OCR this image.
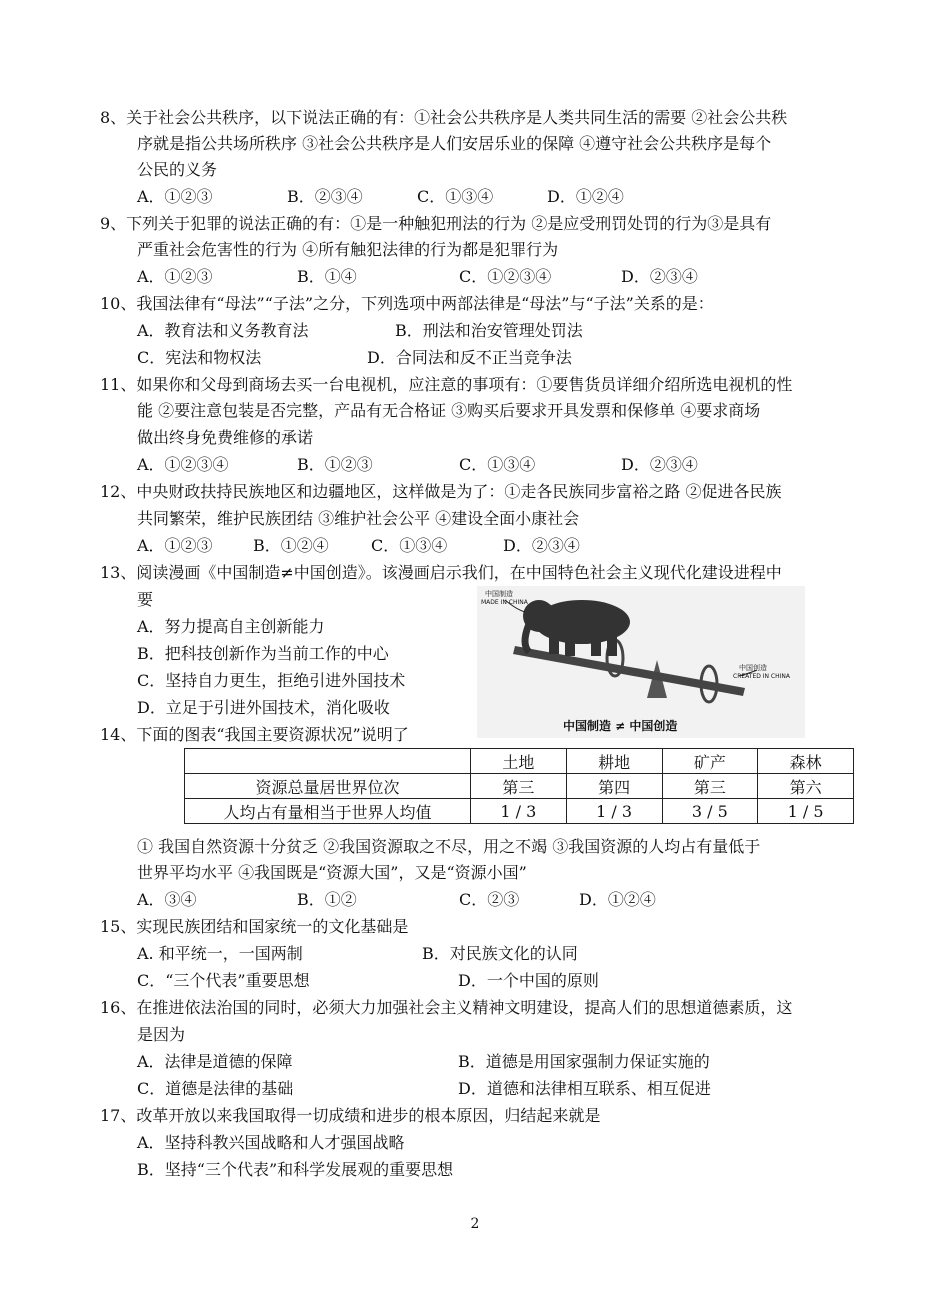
8、关于社会公共秩序，以下说法正确的有：①社会公共秩序是人类共同生活的需要 ②社会公共秩
序就是指公共场所秩序 ③社会公共秩序是人们安居乐业的保障 ④遵守社会公共秩序是每个
公民的义务
A．①②③	B．②③④	C．①③④	D．①②④
9、下列关于犯罪的说法正确的有：①是一种触犯刑法的行为 ②是应受刑罚处罚的行为③是具有
严重社会危害性的行为 ④所有触犯法律的行为都是犯罪行为
A．①②③	B．①④	C．①②③④	D．②③④
10、我国法律有“母法”“子法”之分，下列选项中两部法律是“母法”与“子法”关系的是：
A．教育法和义务教育法	B．刑法和治安管理处罚法
C．宪法和物权法	D．合同法和反不正当竞争法
11、如果你和父母到商场去买一台电视机，应注意的事项有：①要售货员详细介绍所选电视机的性
能 ②要注意包装是否完整，产品有无合格证 ③购买后要求开具发票和保修单 ④要求商场
做出终身免费维修的承诺
A．①②③④	B．①②③	C．①③④	D．②③④
12、中央财政扶持民族地区和边疆地区，这样做是为了：①走各民族同步富裕之路 ②促进各民族
共同繁荣，维护民族团结 ③维护社会公平 ④建设全面小康社会
A．①②③	B．①②④	C．①③④	D．②③④
13、阅读漫画《中国制造≠中国创造》。该漫画启示我们，在中国特色社会主义现代化建设进程中
要
A．努力提高自主创新能力
B．把科技创新作为当前工作的中心
C．坚持自力更生，拒绝引进外国技术
D．立足于引进外国技术，消化吸收
中国制造
MADE IN CHINA
中国创造
CREATED IN CHINA
中国制造 ≠ 中国创造
14、下面的图表“我国主要资源状况”说明了
	土地	耕地	矿产	森林
资源总量居世界位次	第三	第四	第三	第六
人均占有量相当于世界人均值	1 / 3	1 / 3	3 / 5	1 / 5
① 我国自然资源十分贫乏 ②我国资源取之不尽，用之不竭 ③我国资源的人均占有量低于
世界平均水平 ④我国既是“资源大国”，又是“资源小国”
A．③④	B．①②	C．②③	D．①②④
15、实现民族团结和国家统一的文化基础是
A. 和平统一，一国两制	B．对民族文化的认同
C．“三个代表”重要思想	D．一个中国的原则
16、在推进依法治国的同时，必须大力加强社会主义精神文明建设，提高人们的思想道德素质，这
是因为
A．法律是道德的保障	B．道德是用国家强制力保证实施的
C．道德是法律的基础	D．道德和法律相互联系、相互促进
17、改革开放以来我国取得一切成绩和进步的根本原因，归结起来就是
A．坚持科教兴国战略和人才强国战略
B．坚持“三个代表”和科学发展观的重要思想
2
